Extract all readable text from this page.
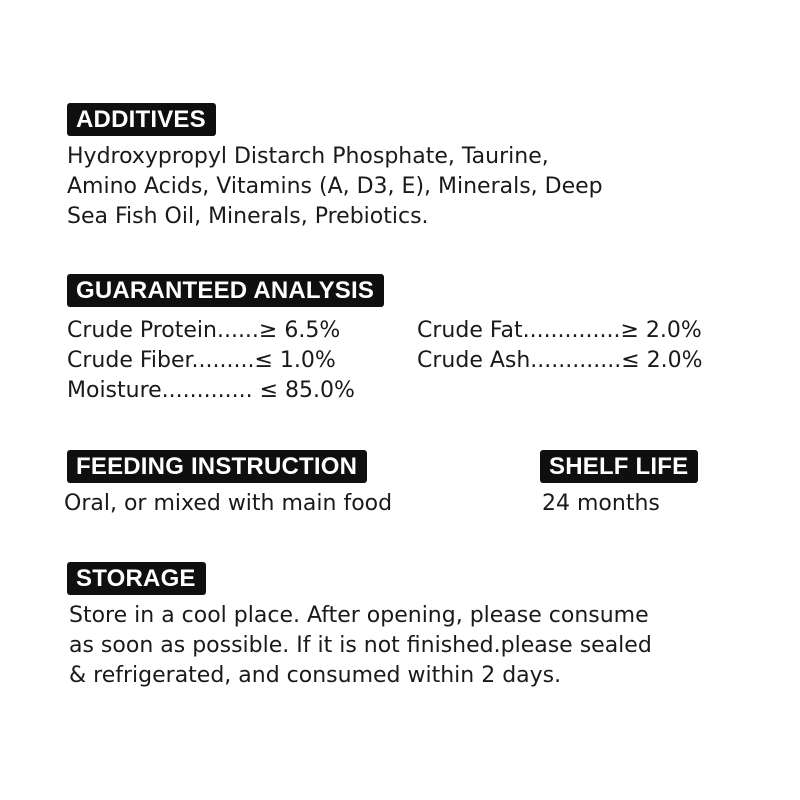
ADDITIVES
Hydroxypropyl Distarch Phosphate, Taurine,
Amino Acids, Vitamins (A, D3, E), Minerals, Deep
Sea Fish Oil, Minerals, Prebiotics.
GUARANTEED ANALYSIS
Crude Protein......≥ 6.5%	Crude Fat..............≥ 2.0%
Crude Fiber.........≤ 1.0%	Crude Ash.............≤ 2.0%
Moisture............. ≤ 85.0%
FEEDING INSTRUCTION
Oral, or mixed with main food
SHELF LIFE
24 months
STORAGE
Store in a cool place. After opening, please consume
as soon as possible. If it is not finished.please sealed
& refrigerated, and consumed within 2 days.
